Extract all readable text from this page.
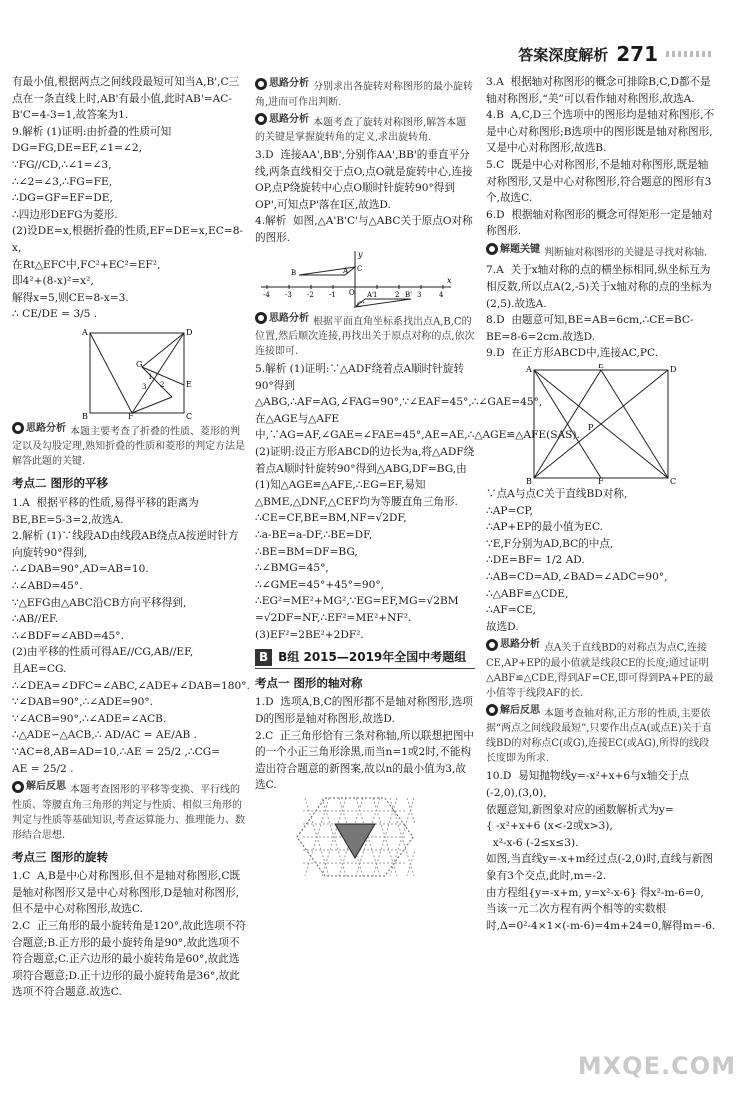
答案深度解析 271
有最小值,根据两点之间线段最短可知当A,B',C三点在一条直线上时,AB'有最小值,此时AB'=AC-B'C=4-3=1,故答案为1.
9.解析 (1)证明:由折叠的性质可知DG=FG,DE=EF,∠1=∠2,
∵FG//CD,∴∠1=∠3,
∴∠2=∠3,∴FG=FE,
∴DG=GF=EF=DE,
∴四边形DEFG为菱形.
(2)设DE=x,根据折叠的性质,EF=DE=x,EC=8-x,
在Rt△EFC中,FC²+EC²=EF²,
即4²+(8-x)²=x²,
解得x=5,则CE=8-x=3.
∴ CE/DE = 3/5 .
A	D
B	C
E
F
G
1
2
3
思路分析 本题主要考查了折叠的性质、菱形的判定以及勾股定理,熟知折叠的性质和菱形的判定方法是解答此题的关键.
考点二 图形的平移
1.A  根据平移的性质,易得平移的距离为BE,BE=5-3=2,故选A.
2.解析 (1)∵线段AD由线段AB绕点A按逆时针方向旋转90°得到,
∴∠DAB=90°,AD=AB=10.
∴∠ABD=45°.
∵△EFG由△ABC沿CB方向平移得到,
∴AB//EF.
∴∠BDF=∠ABD=45°.
(2)由平移的性质可得AE//CG,AB//EF,
且AE=CG.
∴∠DEA=∠DFC=∠ABC,∠ADE+∠DAB=180°.
∵∠DAB=90°,∴∠ADE=90°.
∵∠ACB=90°,∴∠ADE=∠ACB.
∴△ADE∽△ACB,∴ AD/AC = AE/AB .
∵AC=8,AB=AD=10,∴AE = 25/2 ,∴CG=
AE = 25/2 .
解后反思 本题考查图形的平移等变换、平行线的性质、等腰直角三角形的判定与性质、相似三角形的判定与性质等基础知识,考查运算能力、推理能力、数形结合思想.
考点三 图形的旋转
1.C  A,B是中心对称图形,但不是轴对称图形,C既是轴对称图形又是中心对称图形,D是轴对称图形,但不是中心对称图形,故选C.
2.C  正三角形的最小旋转角是120°,故此选项不符合题意;B.正方形的最小旋转角是90°,故此选项不符合题意;C.正六边形的最小旋转角是60°,故此选项符合题意;D.正十边形的最小旋转角是36°,故此选项不符合题意.故选C.
思路分析 分别求出各旋转对称图形的最小旋转角,进而可作出判断.
思路分析 本题考查了旋转对称图形,解答本题的关键是掌握旋转角的定义,求出旋转角.
3.D  连接AA',BB',分别作AA',BB'的垂直平分线,两条直线相交于点O,点O就是旋转中心,连接OP,点P绕旋转中心点O顺时针旋转90°得到OP',可知点P'落在I区,故选D.
4.解析  如图,△A'B'C'与△ABC关于原点O对称的图形.
x
y
-4 -3 -2 -1	1	2	3	4
C
B	A
O	B'
A'
C'
思路分析 根据平面直角坐标系找出点A,B,C的位置,然后顺次连接,再找出关于原点对称的点,依次连接即可.
5.解析 (1)证明:∵△ADF绕着点A顺时针旋转90°得到△ABG,∴AF=AG,∠FAG=90°,∵∠EAF=45°,∴∠GAE=45°,在△AGE与△AFE中,∵AG=AF,∠GAE=∠FAE=45°,AE=AE,∴△AGE≌△AFE(SAS).
(2)证明:设正方形ABCD的边长为a,将△ADF绕着点A顺时针旋转90°得到△ABG,DF=BG,由(1)知△AGE≌△AFE,∴EG=EF,易知△BME,△DNF,△CEF均为等腰直角三角形.
∴CE=CF,BE=BM,NF=√2DF,
∴a-BE=a-DF,∴BE=DF,
∴BE=BM=DF=BG,
∴∠BMG=45°,
∴∠GME=45°+45°=90°,
∴EG²=ME²+MG²,∵EG=EF,MG=√2BM
=√2DF=NF,∴EF²=ME²+NF².
(3)EF²=2BE²+2DF².
B B组 2015—2019年全国中考题组
考点一 图形的轴对称
1.D  选项A,B,C的图形都不是轴对称图形,选项D的图形是轴对称图形,故选D.
2.C  正三角形恰有三条对称轴,所以联想把图中的一个小正三角形涂黑,而当n=1或2时,不能构造出符合题意的新图案,故以n的最小值为3,故选C.
3.A  根据轴对称图形的概念可排除B,C,D都不是轴对称图形,“美”可以看作轴对称图形,故选A.
4.B  A,C,D三个选项中的图形均是轴对称图形,不是中心对称图形;B选项中的图形既是轴对称图形,又是中心对称图形,故选B.
5.C  既是中心对称图形,不是轴对称图形,既是轴对称图形,又是中心对称图形,符合题意的图形有3个,故选C.
6.D  根据轴对称图形的概念可得矩形一定是轴对称图形.
解题关键 判断轴对称图形的关键是寻找对称轴.
7.A  关于x轴对称的点的横坐标相同,纵坐标互为相反数,所以点A(2,-5)关于x轴对称的点的坐标为(2,5).故选A.
8.D  由题意可知,BE=AB=6cm,∴CE=BC-BE=8-6=2cm.故选D.
9.D  在正方形ABCD中,连接AC,PC.
A	E	D
P
F
B	C
∵点A与点C关于直线BD对称,
∴AP=CP,
∴AP+EP的最小值为EC.
∵E,F分别为AD,BC的中点,
∴DE=BF= 1/2 AD.
∴AB=CD=AD,∠BAD=∠ADC=90°,
∴△ABF≌△CDE,
∴AF=CE,
故选D.
思路分析 点A关于直线BD的对称点为点C,连接CE,AP+EP的最小值就是线段CE的长度;通过证明△ABF≌△CDE,得到AF=CE,即可得到PA+PE的最小值等于线段AF的长.
解后反思 本题考查轴对称,正方形的性质,主要依据“两点之间线段最短”,只要作出点A(或点E)关于直线BD的对称点C(或G),连接EC(或AG),所得的线段长度即为所求.
10.D  易知抛物线y=-x²+x+6与x轴交于点(-2,0),(3,0),
依题意知,新图象对应的函数解析式为y=
{ -x²+x+6 (x<-2或x>3),
x²-x-6 (-2≤x≤3).
如图,当直线y=-x+m经过点(-2,0)时,直线与新图象有3个交点,此时,m=-2.
由方程组{y=-x+m, y=x²-x-6} 得x²-m-6=0,
当该一元二次方程有两个相等的实数根时,Δ=0²-4×1×(-m-6)=4m+24=0,解得m=-6.
MXQE.COM
